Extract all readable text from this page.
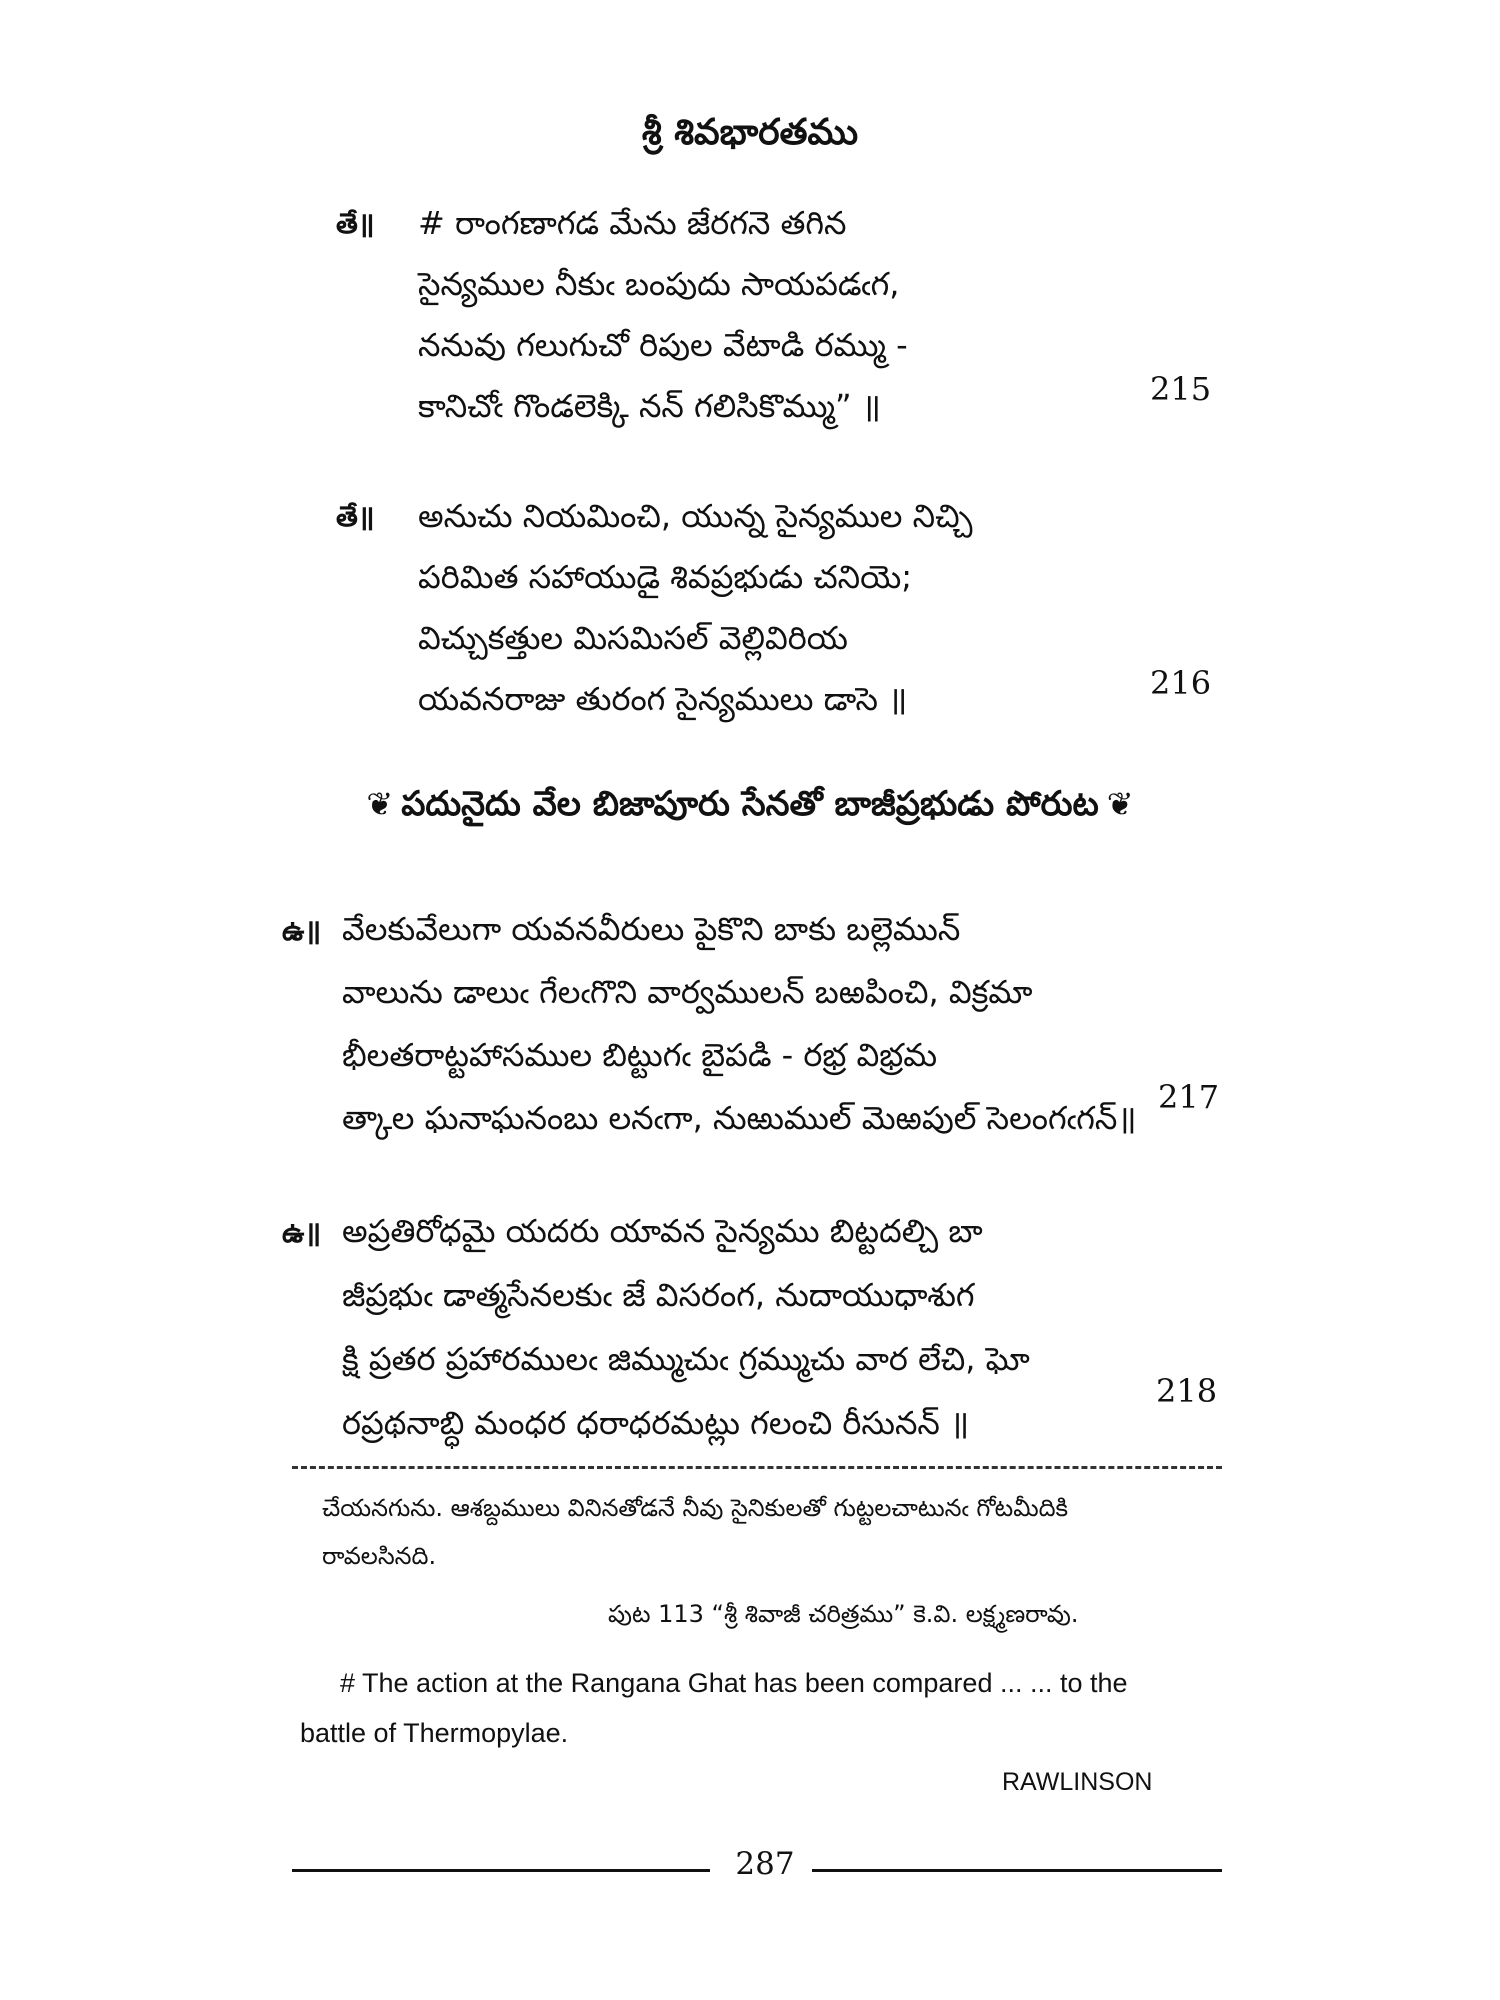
శ్రీ శివభారతము
తే॥ # రాంగణాగడ మేను జేరగనె తగిన
సైన్యముల నీకుఁ బంపుదు సాయపడఁగ,
ననువు గలుగుచో రిపుల వేటాడి రమ్ము -
కానిచోఁ గొండలెక్కి నన్ గలిసికొమ్ము” ॥	215
తే॥ అనుచు నియమించి, యున్న సైన్యముల నిచ్చి
పరిమిత సహాయుడై శివప్రభుడు చనియె;
విచ్చుకత్తుల మిసమిసల్ వెల్లివిరియ
యవనరాజు తురంగ సైన్యములు డాసె ॥	216
❦ పదునైదు వేల బిజాపూరు సేనతో బాజీప్రభుడు పోరుట ❦
ఉ॥ వేలకువేలుగా యవనవీరులు పైకొని బాకు బల్లెమున్
వాలును డాలుఁ గేలఁగొని వార్వములన్ బఱపించి, విక్రమా
భీలతరాట్టహాసముల బిట్టుగఁ బైపడి - రభ్ర విభ్రమ
త్కాల ఘనాఘనంబు లనఁగా, నుఱుముల్ మెఱపుల్ సెలంగఁగన్॥
217
ఉ॥ అప్రతిరోధమై యదరు యావన సైన్యము బిట్టదల్చి బా
జీప్రభుఁ డాత్మసేనలకుఁ జే విసరంగ, నుదాయుధాశుగ
క్షి ప్రతర ప్రహారములఁ జిమ్ముచుఁ గ్రమ్ముచు వార లేచి, ఘో
రప్రథనాబ్ధి మంధర ధరాధరమట్లు గలంచి రీసునన్ ॥
218
చేయనగును. ఆశబ్దములు వినినతోడనే నీవు సైనికులతో గుట్టలచాటునఁ గోటమీదికి
రావలసినది.
పుట 113 “శ్రీ శివాజీ చరిత్రము” కె.వి. లక్ష్మణరావు.
# The action at the Rangana Ghat has been compared ... ... to the
battle of Thermopylae.
RAWLINSON
287
